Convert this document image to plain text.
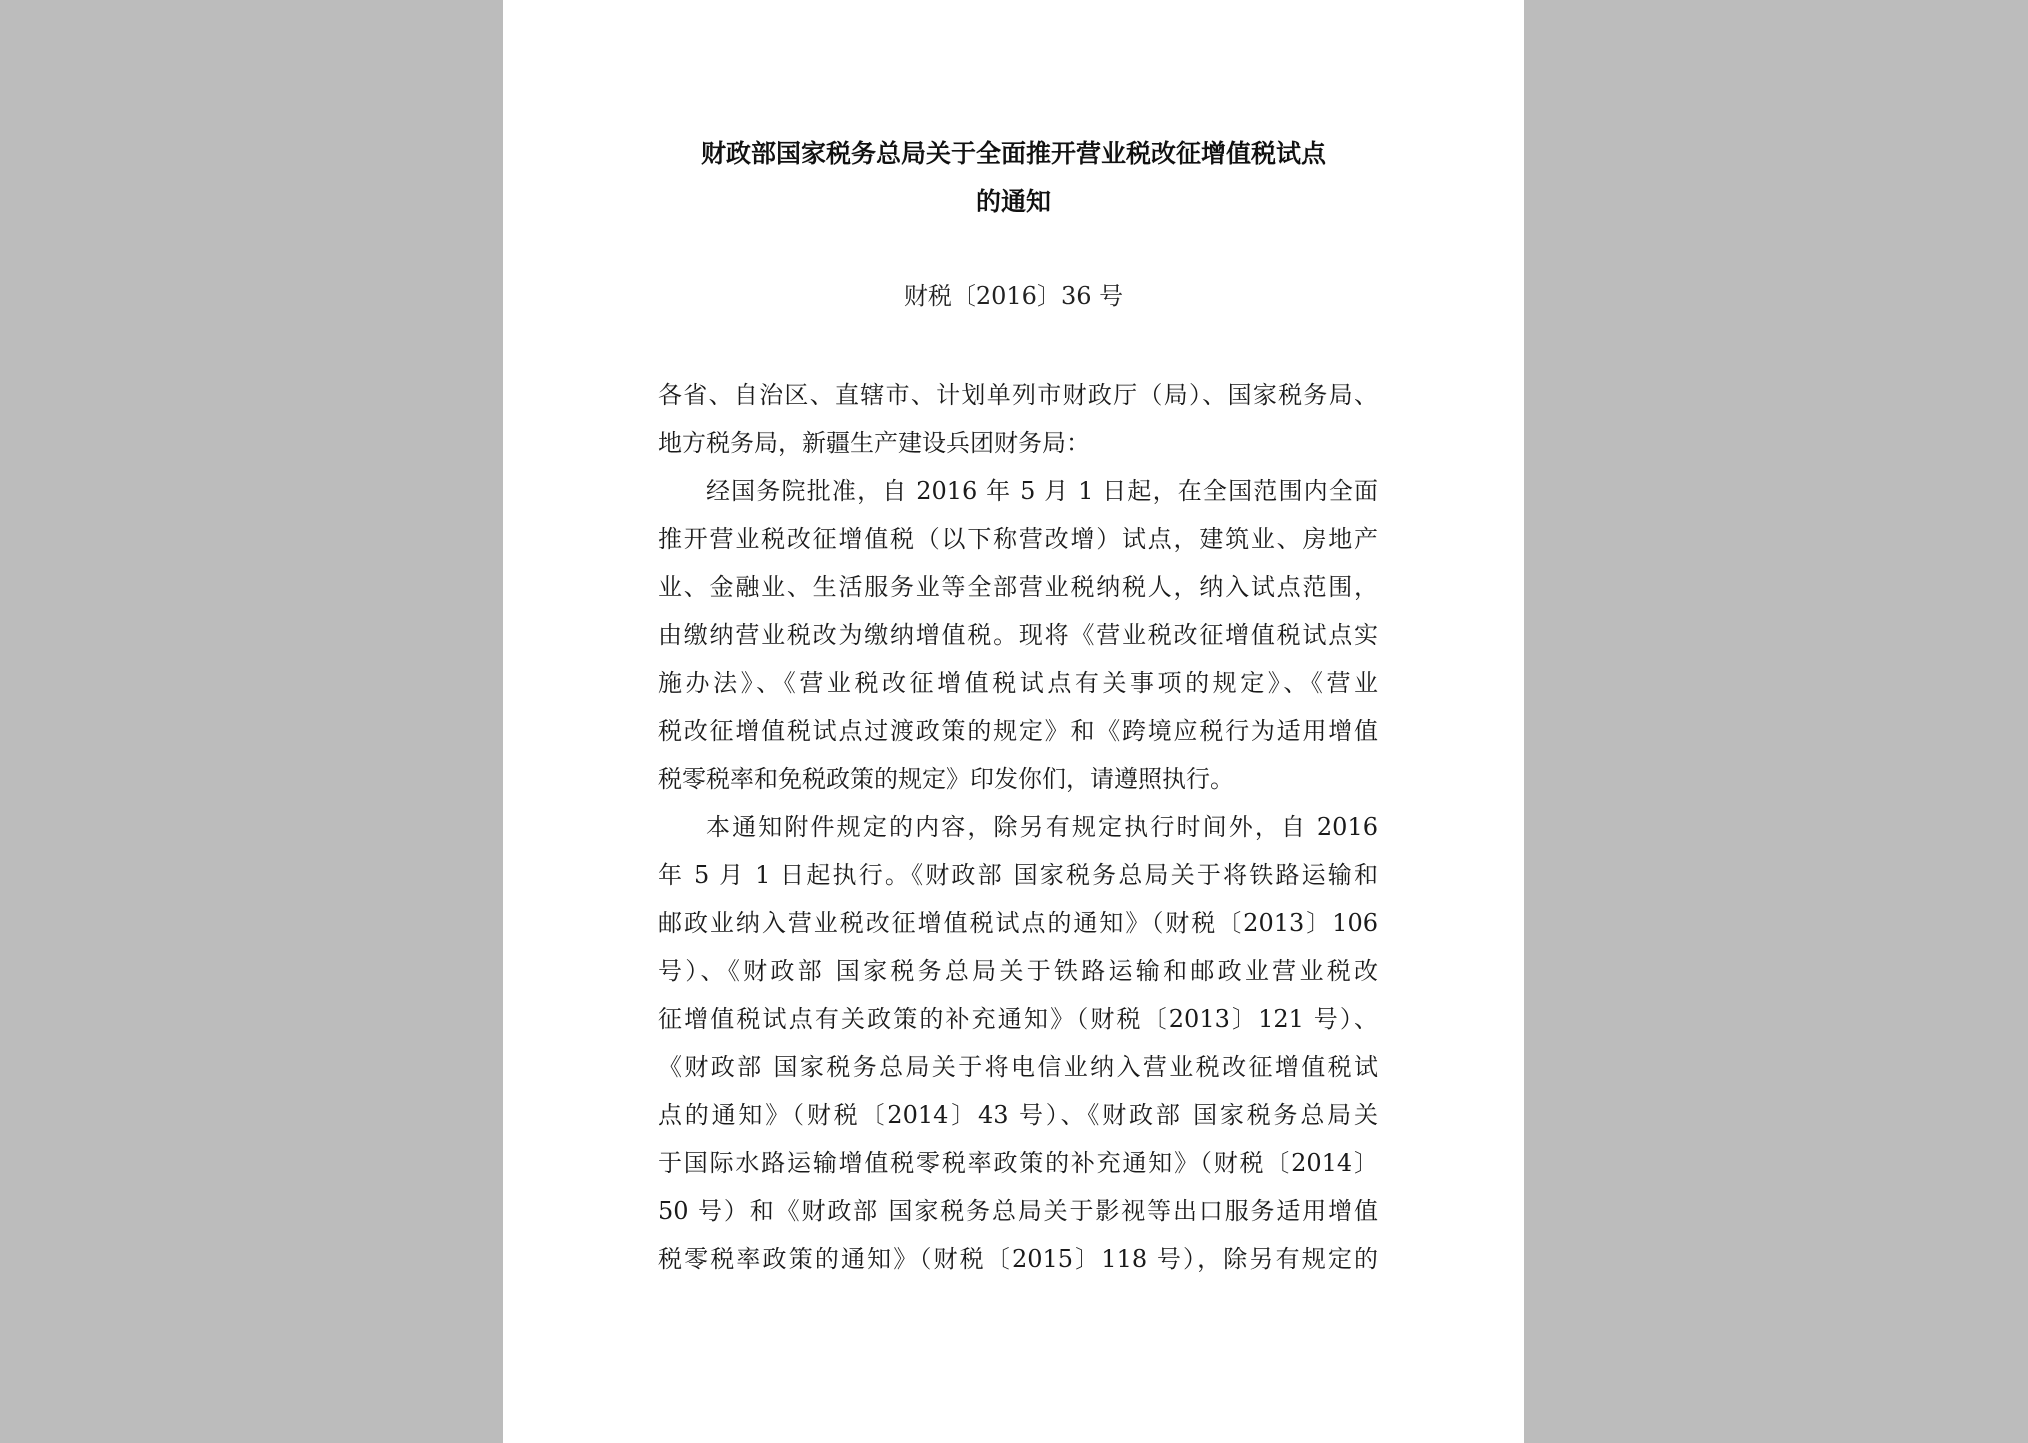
财政部国家税务总局关于全面推开营业税改征增值税试点
的通知
财税〔2016〕36 号
各省、自治区、直辖市、计划单列市财政厅（局）、国家税务局、
地方税务局，新疆生产建设兵团财务局：
经国务院批准，自 2016 年 5 月 1 日起，在全国范围内全面
推开营业税改征增值税（以下称营改增）试点，建筑业、房地产
业、金融业、生活服务业等全部营业税纳税人，纳入试点范围，
由缴纳营业税改为缴纳增值税。现将《营业税改征增值税试点实
施办法》、《营业税改征增值税试点有关事项的规定》、《营业
税改征增值税试点过渡政策的规定》和《跨境应税行为适用增值
税零税率和免税政策的规定》印发你们，请遵照执行。
本通知附件规定的内容，除另有规定执行时间外，自 2016
年 5 月 1 日起执行。《财政部 国家税务总局关于将铁路运输和
邮政业纳入营业税改征增值税试点的通知》（财税〔2013〕106
号）、《财政部 国家税务总局关于铁路运输和邮政业营业税改
征增值税试点有关政策的补充通知》（财税〔2013〕121 号）、
《财政部 国家税务总局关于将电信业纳入营业税改征增值税试
点的通知》（财税〔2014〕43 号）、《财政部 国家税务总局关
于国际水路运输增值税零税率政策的补充通知》（财税〔2014〕
50 号）和《财政部 国家税务总局关于影视等出口服务适用增值
税零税率政策的通知》（财税〔2015〕118 号），除另有规定的
